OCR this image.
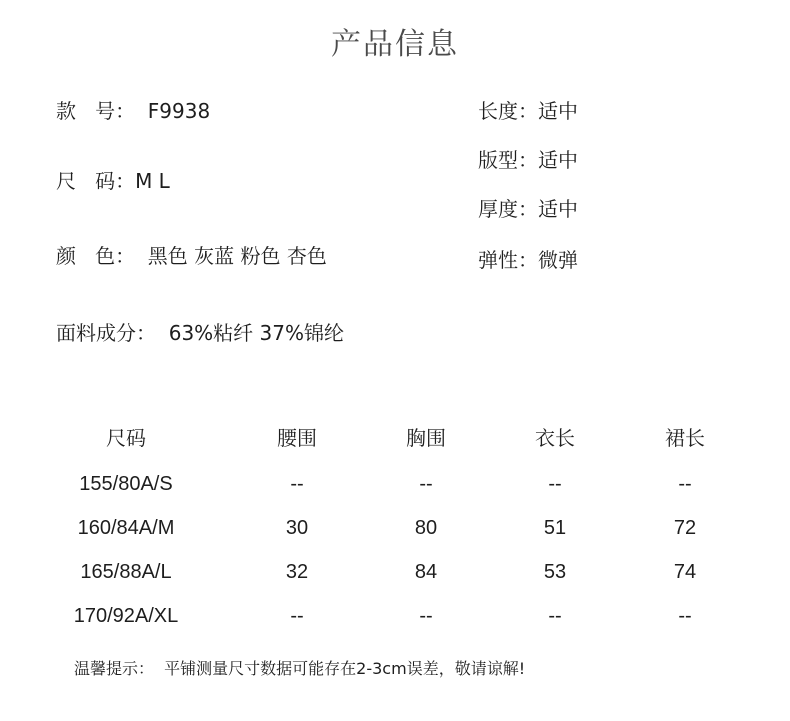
产品信息
款   号：  F9938
尺   码：M L
颜   色：  黑色 灰蓝 粉色 杏色
面料成分：  63%粘纤 37%锦纶
长度：适中
版型：适中
厚度：适中
弹性：微弹
尺码	腰围	胸围	衣长	裙长
155/80A/S	--	--	--	--
160/84A/M	30	80	51	72
165/88A/L	32	84	53	74
170/92A/XL	--	--	--	--
温馨提示：  平铺测量尺寸数据可能存在2-3cm误差，敬请谅解!
